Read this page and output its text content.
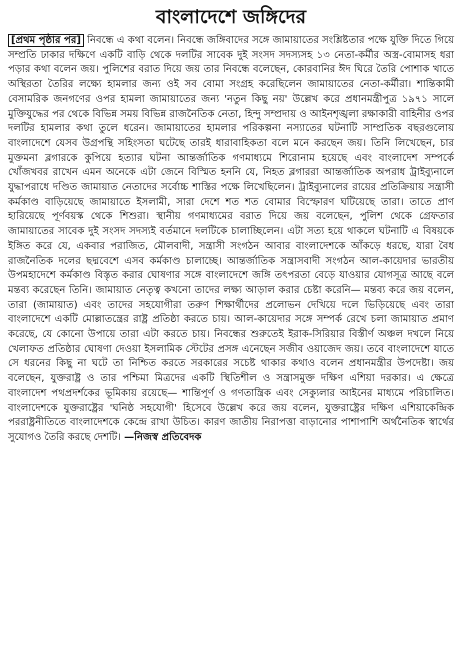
বাংলাদেশে জঙ্গিদের

[প্রথম পৃষ্ঠার পর] নিবন্ধে এ কথা বলেন। নিবন্ধে জঙ্গিবাদের সঙ্গে জামায়াতের সংশ্লিষ্টতার পক্ষে যুক্তি দিতে গিয়ে সম্প্রতি ঢাকার দক্ষিণে একটি বাড়ি থেকে দলটির সাবেক দুই সংসদ সদস্যসহ ১৩ নেতা-কর্মীর অস্ত্র-বোমাসহ ধরা পড়ার কথা বলেন জয়। পুলিশের বরাত দিয়ে জয় তার নিবন্ধে বলেছেন, কোরবানির ঈদ ঘিরে তৈরি পোশাক খাতে অস্থিরতা তৈরির লক্ষ্যে হামলার জন্য ওই সব বোমা সংগ্রহ করেছিলেন জামায়াতের নেতা-কর্মীরা। শান্তিকামী বেসামরিক জনগণের ওপর হামলা জামায়াতের জন্য 'নতুন কিছু নয়' উল্লেখ করে প্রধানমন্ত্রীপুত্র ১৯৭১ সালে মুক্তিযুদ্ধের পর থেকে বিভিন্ন সময় বিভিন্ন রাজনৈতিক নেতা, হিন্দু সম্প্রদায় ও আইনশৃঙ্খলা রক্ষাকারী বাহিনীর ওপর দলটির হামলার কথা তুলে ধরেন। জামায়াতের হামলার পরিকল্পনা নস্যাতের ঘটনাটি সাম্প্রতিক বছরগুলোয় বাংলাদেশে যেসব উগ্রপন্থি সহিংসতা ঘটেছে তারই ধারাবাহিকতা বলে মনে করছেন জয়। তিনি লিখেছেন, চার মুক্তমনা ব্লগারকে কুপিয়ে হত্যার ঘটনা আন্তর্জাতিক গণমাধ্যমে শিরোনাম হয়েছে এবং বাংলাদেশ সম্পর্কে খোঁজখবর রাখেন এমন অনেকে এটা জেনে বিস্মিত হননি যে, নিহত ব্লগাররা আন্তর্জাতিক অপরাধ ট্রাইব্যুনালে যুদ্ধাপরাধে দণ্ডিত জামায়াত নেতাদের সর্বোচ্চ শাস্তির পক্ষে লিখেছিলেন। ট্রাইব্যুনালের রায়ের প্রতিক্রিয়ায় সন্ত্রাসী কর্মকাণ্ড বাড়িয়েছে জামায়াতে ইসলামী, সারা দেশে শত শত বোমার বিস্ফোরণ ঘটিয়েছে তারা। তাতে প্রাণ হারিয়েছে পূর্ণবয়স্ক থেকে শিশুরা। স্থানীয় গণমাধ্যমের বরাত দিয়ে জয় বলেছেন, পুলিশ থেকে গ্রেফতার জামায়াতের সাবেক দুই সংসদ সদস্যই বর্তমানে দলটিকে চালাচ্ছিলেন। এটা সত্য হয়ে থাকলে ঘটনাটি এ বিষয়কে ইঙ্গিত করে যে, একবার পরাজিত, মৌলবাদী, সন্ত্রাসী সংগঠন আবার বাংলাদেশকে আঁকড়ে ধরছে, যারা বৈধ রাজনৈতিক দলের ছদ্মবেশে এসব কর্মকাণ্ড চালাচ্ছে। আন্তর্জাতিক সন্ত্রাসবাদী সংগঠন আল-কায়েদার ভারতীয় উপমহাদেশে কর্মকাণ্ড বিস্তৃত করার ঘোষণার সঙ্গে বাংলাদেশে জঙ্গি তৎপরতা বেড়ে যাওয়ার যোগসূত্র আছে বলে মন্তব্য করেছেন তিনি। জামায়াত নেতৃত্ব কখনো তাদের লক্ষ্য আড়াল করার চেষ্টা করেনি— মন্তব্য করে জয় বলেন, তারা (জামায়াত) এবং তাদের সহযোগীরা তরুণ শিক্ষার্থীদের প্রলোভন দেখিয়ে দলে ভিড়িয়েছে এবং তারা বাংলাদেশে একটি মোল্লাতন্ত্রের রাষ্ট্র প্রতিষ্ঠা করতে চায়। আল-কায়েদার সঙ্গে সম্পর্ক রেখে চলা জামায়াত প্রমাণ করেছে, যে কোনো উপায়ে তারা এটা করতে চায়। নিবন্ধের শুরুতেই ইরাক-সিরিয়ার বিস্তীর্ণ অঞ্চল দখলে নিয়ে খেলাফত প্রতিষ্ঠার ঘোষণা দেওয়া ইসলামিক স্টেটের প্রসঙ্গ এনেছেন সজীব ওয়াজেদ জয়। তবে বাংলাদেশে যাতে সে ধরনের কিছু না ঘটে তা নিশ্চিত করতে সরকারের সচেষ্ট থাকার কথাও বলেন প্রধানমন্ত্রীর উপদেষ্টা। জয় বলেছেন, যুক্তরাষ্ট্র ও তার পশ্চিমা মিত্রদের একটি স্থিতিশীল ও সন্ত্রাসমুক্ত দক্ষিণ এশিয়া দরকার। এ ক্ষেত্রে বাংলাদেশ পথপ্রদর্শকের ভূমিকায় রয়েছে— শান্তিপূর্ণ ও গণতান্ত্রিক এবং সেক্যুলার আইনের মাধ্যমে পরিচালিত। বাংলাদেশকে যুক্তরাষ্ট্রের 'ঘনিষ্ঠ সহযোগী' হিসেবে উল্লেখ করে জয় বলেন, যুক্তরাষ্ট্রের দক্ষিণ এশিয়াকেন্দ্রিক পররাষ্ট্রনীতিতে বাংলাদেশকে কেন্দ্রে রাখা উচিত। কারণ জাতীয় নিরাপত্তা বাড়ানোর পাশাপাশি অর্থনৈতিক স্বার্থের সুযোগও তৈরি করছে দেশটি। —নিজস্ব প্রতিবেদক
